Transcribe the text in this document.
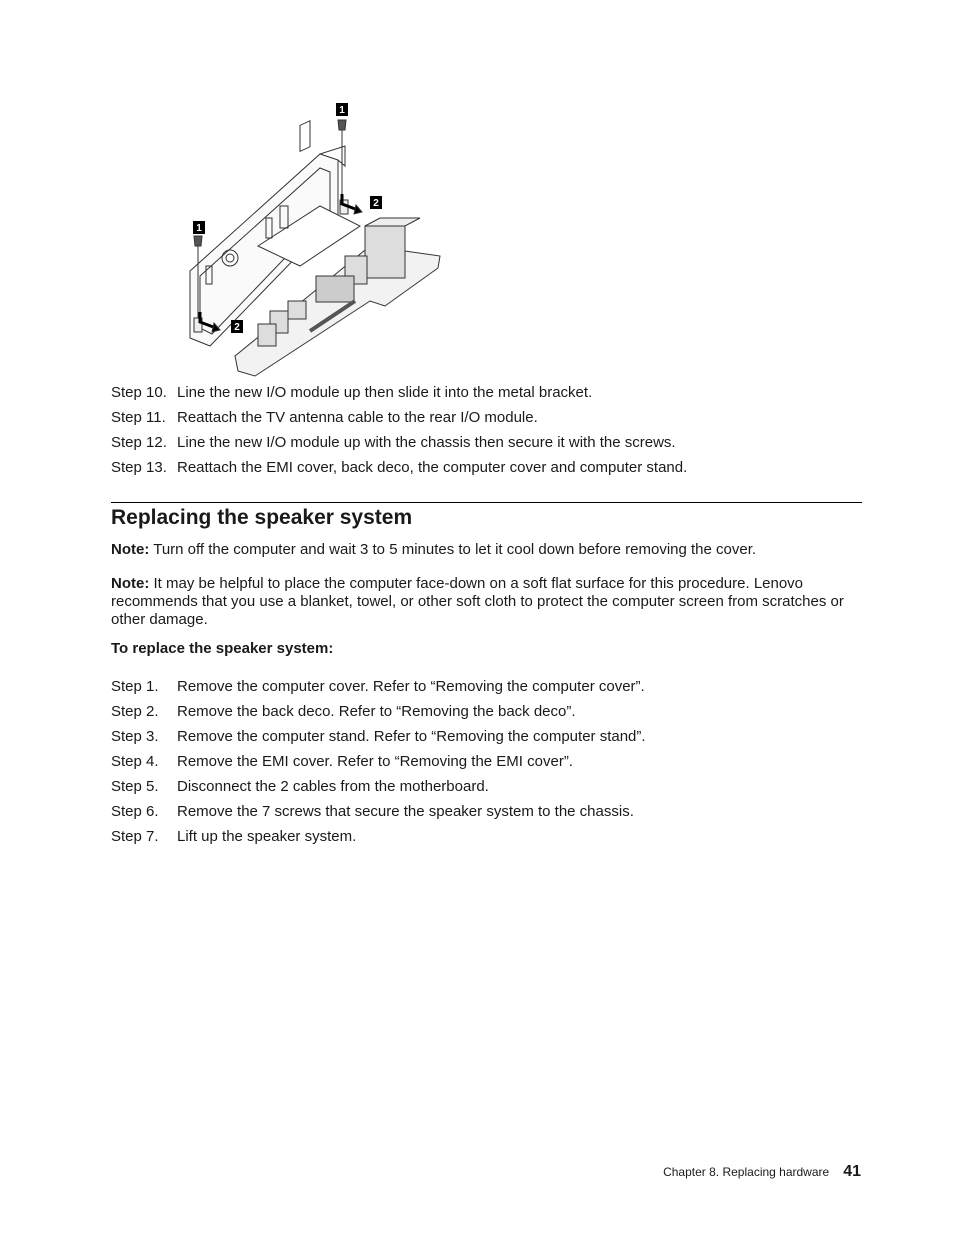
1
2
1
2
Step 10. Line the new I/O module up then slide it into the metal bracket.
Step 11. Reattach the TV antenna cable to the rear I/O module.
Step 12. Line the new I/O module up with the chassis then secure it with the screws.
Step 13. Reattach the EMI cover, back deco, the computer cover and computer stand.
Replacing the speaker system

Note: Turn off the computer and wait 3 to 5 minutes to let it cool down before removing the cover.

Note: It may be helpful to place the computer face-down on a soft flat surface for this procedure. Lenovo recommends that you use a blanket, towel, or other soft cloth to protect the computer screen from scratches or other damage.

To replace the speaker system:

Step 1. Remove the computer cover. Refer to “Removing the computer cover”.
Step 2. Remove the back deco. Refer to “Removing the back deco”.
Step 3. Remove the computer stand. Refer to “Removing the computer stand”.
Step 4. Remove the EMI cover. Refer to “Removing the EMI cover”.
Step 5. Disconnect the 2 cables from the motherboard.
Step 6. Remove the 7 screws that secure the speaker system to the chassis.
Step 7. Lift up the speaker system.
Chapter 8. Replacing hardware 41
